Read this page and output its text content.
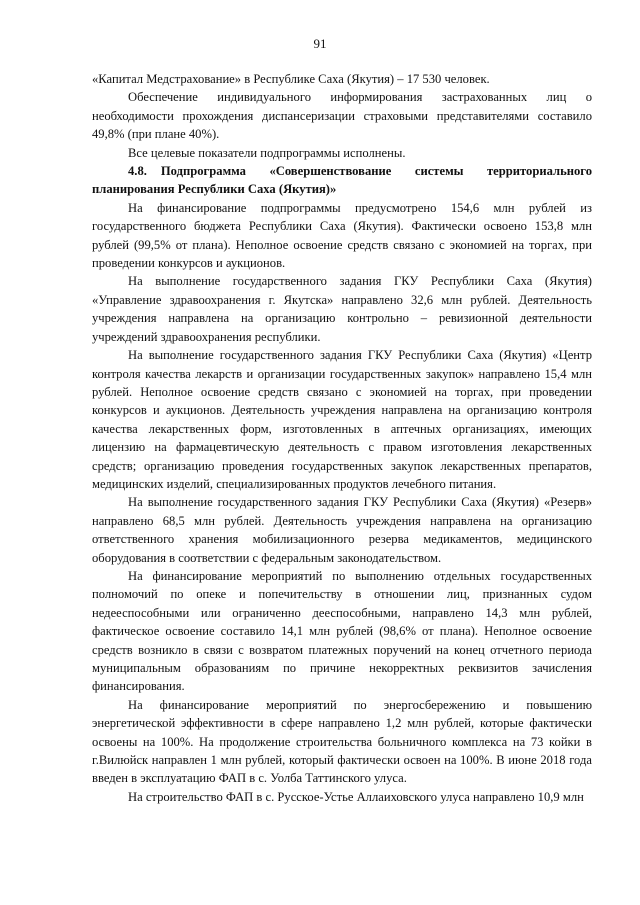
91

«Капитал Медстрахование» в Республике Саха (Якутия) – 17 530 человек.

Обеспечение индивидуального информирования застрахованных лиц о необходимости прохождения диспансеризации страховыми представителями составило 49,8% (при плане 40%).

Все целевые показатели подпрограммы исполнены.

4.8. Подпрограмма «Совершенствование системы территориального планирования Республики Саха (Якутия)»

На финансирование подпрограммы предусмотрено 154,6 млн рублей из государственного бюджета Республики Саха (Якутия). Фактически освоено 153,8 млн рублей (99,5% от плана). Неполное освоение средств связано с экономией на торгах, при проведении конкурсов и аукционов.

На выполнение государственного задания ГКУ Республики Саха (Якутия) «Управление здравоохранения г. Якутска» направлено 32,6 млн рублей. Деятельность учреждения направлена на организацию контрольно – ревизионной деятельности учреждений здравоохранения республики.

На выполнение государственного задания ГКУ Республики Саха (Якутия) «Центр контроля качества лекарств и организации государственных закупок» направлено 15,4 млн рублей. Неполное освоение средств связано с экономией на торгах, при проведении конкурсов и аукционов. Деятельность учреждения направлена на организацию контроля качества лекарственных форм, изготовленных в аптечных организациях, имеющих лицензию на фармацевтическую деятельность с правом изготовления лекарственных средств; организацию проведения государственных закупок лекарственных препаратов, медицинских изделий, специализированных продуктов лечебного питания.

На выполнение государственного задания ГКУ Республики Саха (Якутия) «Резерв» направлено 68,5 млн рублей. Деятельность учреждения направлена на организацию ответственного хранения мобилизационного резерва медикаментов, медицинского оборудования в соответствии с федеральным законодательством.

На финансирование мероприятий по выполнению отдельных государственных полномочий по опеке и попечительству в отношении лиц, признанных судом недееспособными или ограниченно дееспособными, направлено 14,3 млн рублей, фактическое освоение составило 14,1 млн рублей (98,6% от плана). Неполное освоение средств возникло в связи с возвратом платежных поручений на конец отчетного периода муниципальным образованиям по причине некорректных реквизитов зачисления финансирования.

На финансирование мероприятий по энергосбережению и повышению энергетической эффективности в сфере направлено 1,2 млн рублей, которые фактически освоены на 100%. На продолжение строительства больничного комплекса на 73 койки в г.Вилюйск направлен 1 млн рублей, который фактически освоен на 100%. В июне 2018 года введен в эксплуатацию ФАП в с. Уолба Таттинского улуса.

На строительство ФАП в с. Русское-Устье Аллаиховского улуса направлено 10,9 млн
